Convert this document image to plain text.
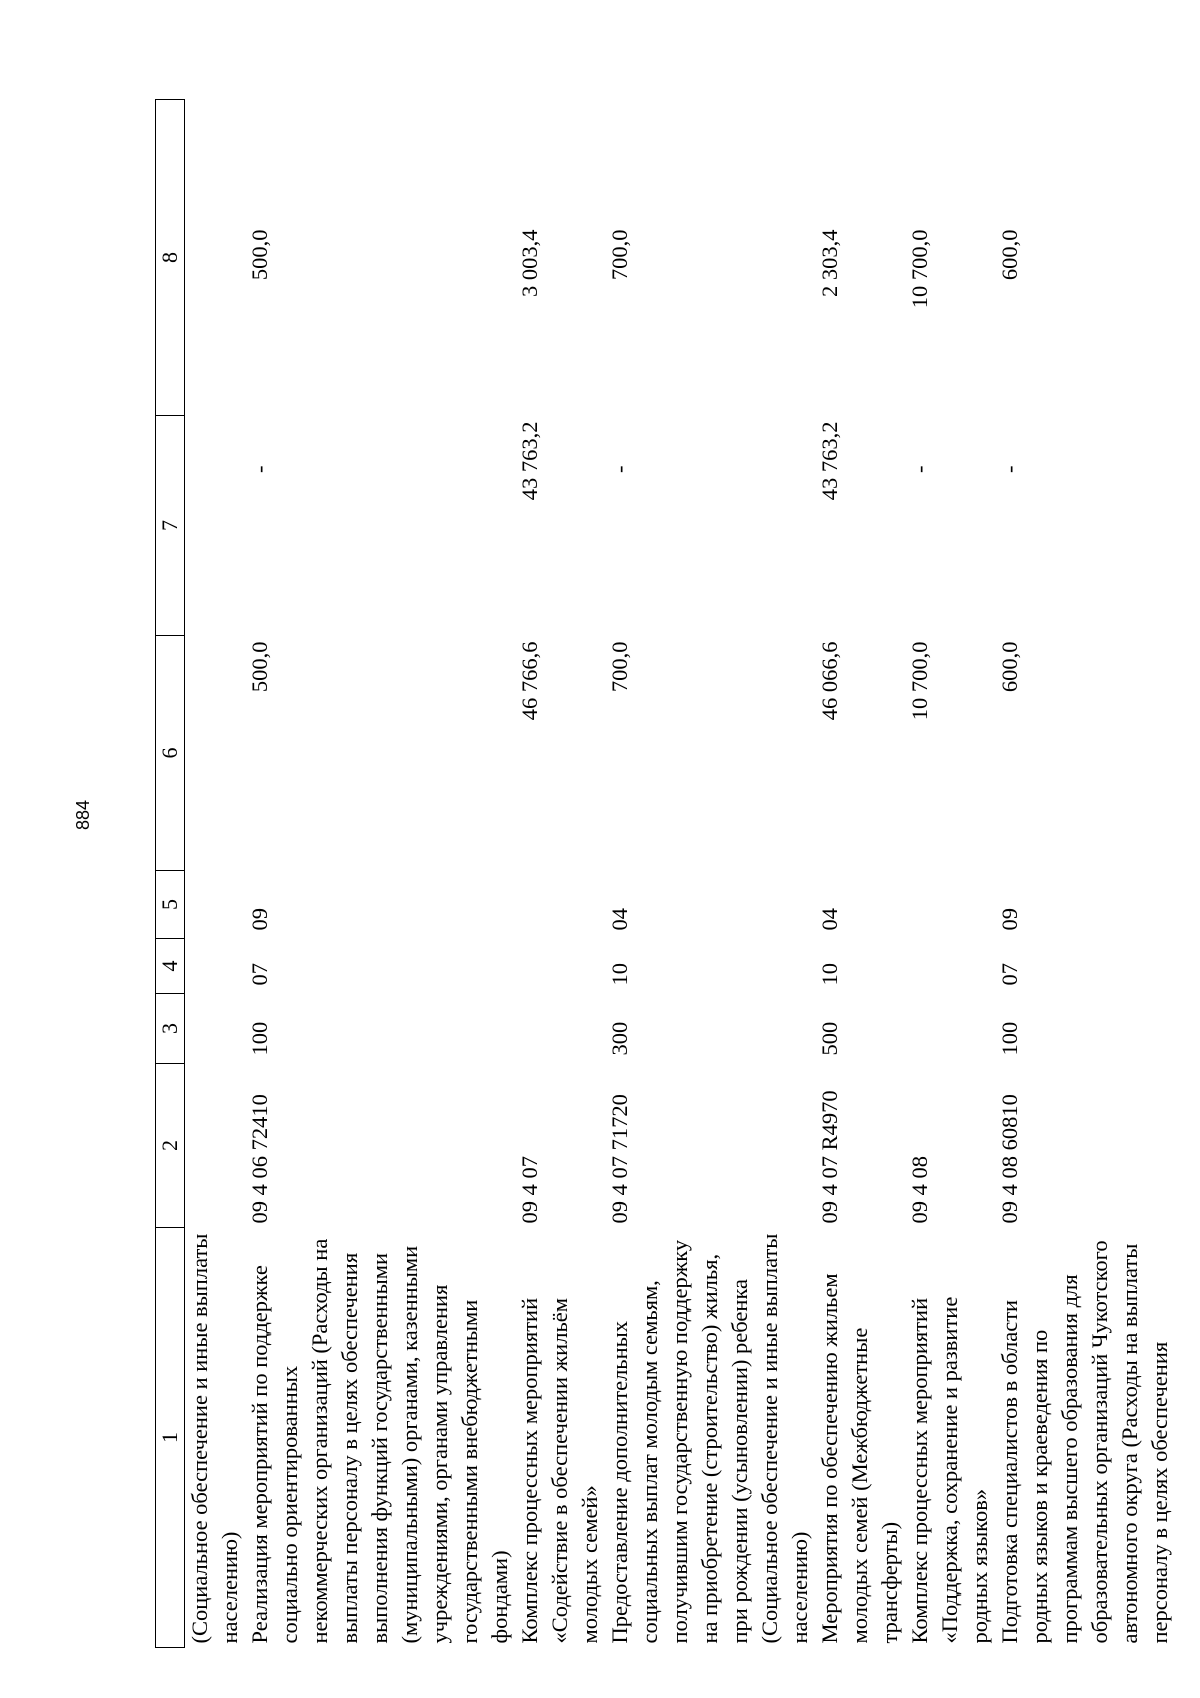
884
1	2	3	4	5	6	7	8
(Социальное обеспечение и иные выплаты населению)							
Реализация мероприятий по поддержке социально ориентированных некоммерческих организаций (Расходы на выплаты персоналу в целях обеспечения выполнения функций государственными (муниципальными) органами, казенными учреждениями, органами управления государственными внебюджетными фондами)	09 4 06 72410	100	07	09	500,0	-	500,0
Комплекс процессных мероприятий «Содействие в обеспечении жильём молодых семей»	09 4 07				46 766,6	43 763,2	3 003,4
Предоставление дополнительных социальных выплат молодым семьям, получившим государственную поддержку на приобретение (строительство) жилья, при рождении (усыновлении) ребенка (Социальное обеспечение и иные выплаты населению)	09 4 07 71720	300	10	04	700,0	-	700,0
Мероприятия по обеспечению жильем молодых семей (Межбюджетные трансферты)	09 4 07 R4970	500	10	04	46 066,6	43 763,2	2 303,4
Комплекс процессных мероприятий «Поддержка, сохранение и развитие родных языков»	09 4 08				10 700,0	-	10 700,0
Подготовка специалистов в области родных языков и краеведения по программам высшего образования для образовательных организаций Чукотского автономного округа (Расходы на выплаты персоналу в целях обеспечения	09 4 08 60810	100	07	09	600,0	-	600,0
